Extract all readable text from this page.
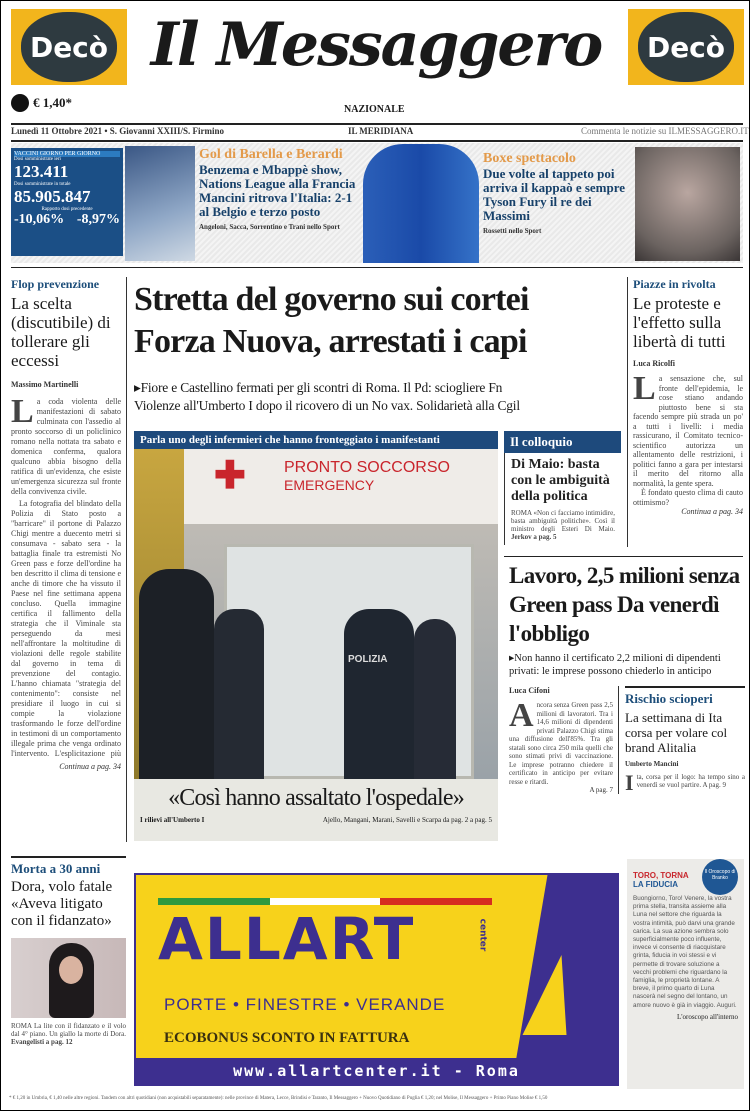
Decò Il Messaggero	Decò
€ 1,40*	NAZIONALE
Lunedì 11 Ottobre 2021 • S. Giovanni XXIII/S. Firmino	IL MERIDIANA	Commenta le notizie su ILMESSAGGERO.IT
VACCINI GIORNO PER GIORNO
Dosi somministrate ieri
123.411
Dosi somministrate in totale
85.905.847
Rapporto dosi precedente
-10,06% -8,97%
Gol di Barella e Berardi
Benzema e Mbappè show, Nations League alla Francia Mancini ritrova l'Italia: 2-1 al Belgio e terzo posto
Angeloni, Sacca, Sorrentino e Trani nello Sport
Boxe spettacolo
Due volte al tappeto poi arriva il kappaò e sempre Tyson Fury il re dei Massimi
Rossetti nello Sport
Flop prevenzione
La scelta (discutibile) di tollerare gli eccessi
Massimo Martinelli
La coda violenta delle manifestazioni di sabato culminata con l'assedio al pronto soccorso di un policlinico romano nella nottata tra sabato e domenica conferma, qualora qualcuno abbia bisogno della ratifica di un'evidenza, che esiste un'emergenza sicurezza sul fronte della convivenza civile.
La fotografia del blindato della Polizia di Stato posto a "barricare" il portone di Palazzo Chigi mentre a duecento metri si consumava - sabato sera - la battaglia finale tra estremisti No Green pass e forze dell'ordine ha ben descritto il clima di tensione e anche di timore che ha vissuto il Paese nel fine settimana appena concluso. Quella immagine certifica il fallimento della strategia che il Viminale sta perseguendo da mesi nell'affrontare la moltitudine di violazioni delle regole stabilite dal governo in tema di prevenzione del contagio. L'hanno chiamata "strategia del contenimento": consiste nel presidiare il luogo in cui si compie la violazione trasformando le forze dell'ordine in testimoni di un comportamento illegale prima che venga ordinato l'intervento. L'esplicitazione più
Continua a pag. 34
Stretta del governo sui cortei
Forza Nuova, arrestati i capi
▸Fiore e Castellino fermati per gli scontri di Roma. Il Pd: sciogliere Fn
Violenze all'Umberto I dopo il ricovero di un No vax. Solidarietà alla Cgil
Piazze in rivolta
Le proteste e l'effetto sulla libertà di tutti
Luca Ricolfi
La sensazione che, sul fronte dell'epidemia, le cose stiano andando piuttosto bene si sta facendo sempre più strada un po' a tutti i livelli: i media rassicurano, il Comitato tecnico-scientifico autorizza un allentamento delle restrizioni, i politici fanno a gara per intestarsi il merito del ritorno alla normalità, la gente spera.
È fondato questo clima di cauto ottimismo?
Continua a pag. 34
Parla uno degli infermieri che hanno fronteggiato i manifestanti
✚ PRONTO SOCCORSO
EMERGENCY
POLIZIA
«Così hanno assaltato l'ospedale»
I rilievi all'Umberto I	Ajello, Mangani, Marani, Savelli e Scarpa da pag. 2 a pag. 5
Il colloquio
Di Maio: basta con le ambiguità della politica
ROMA «Non ci facciamo intimidire, basta ambiguità politiche». Così il ministro degli Esteri Di Maio. Jerkov a pag. 5
Lavoro, 2,5 milioni senza Green pass Da venerdì l'obbligo
▸Non hanno il certificato 2,2 milioni di dipendenti privati: le imprese possono chiederlo in anticipo
Luca Cifoni
Ancora senza Green pass 2,5 milioni di lavoratori. Tra i 14,6 milioni di dipendenti privati Palazzo Chigi stima una diffusione dell'85%. Tra gli statali sono circa 250 mila quelli che sono stimati privi di vaccinazione. Le imprese potranno chiedere il certificato in anticipo per evitare resse e ritardi.
A pag. 7
Rischio scioperi
La settimana di Ita corsa per volare col brand Alitalia
Umberto Mancini
Ita, corsa per il logo: ha tempo sino a venerdì se vuol partire. A pag. 9
Morta a 30 anni
Dora, volo fatale «Aveva litigato con il fidanzato»
ROMA La lite con il fidanzato e il volo dal 4° piano. Un giallo la morte di Dora. Evangelisti a pag. 12
ALLART	center
PORTE • FINESTRE • VERANDE
ECOBONUS SCONTO IN FATTURA
www.allartcenter.it - Roma
Il Oroscopo di Branko
TORO, TORNA
LA FIDUCIA
Buongiorno, Toro! Venere, la vostra prima stella, transita assieme alla Luna nel settore che riguarda la vostra intimità, può darvi una grande carica. La sua azione sembra solo superficialmente poco influente, invece vi consente di riacquistare grinta, fiducia in voi stessi e vi permette di trovare soluzione a vecchi problemi che riguardano la famiglia, le proprietà lontane. A breve, il primo quarto di Luna nascerà nel segno del lontano, un amore nuovo è già in viaggio. Auguri.
L'oroscopo all'interno
* € 1,20 in Umbria, € 1,40 nelle altre regioni. Tandem con altri quotidiani (non acquistabili separatamente): nelle province di Matera, Lecce, Brindisi e Taranto, Il Messaggero + Nuovo Quotidiano di Puglia € 1,20; nel Molise, Il Messaggero + Primo Piano Molise € 1,50
